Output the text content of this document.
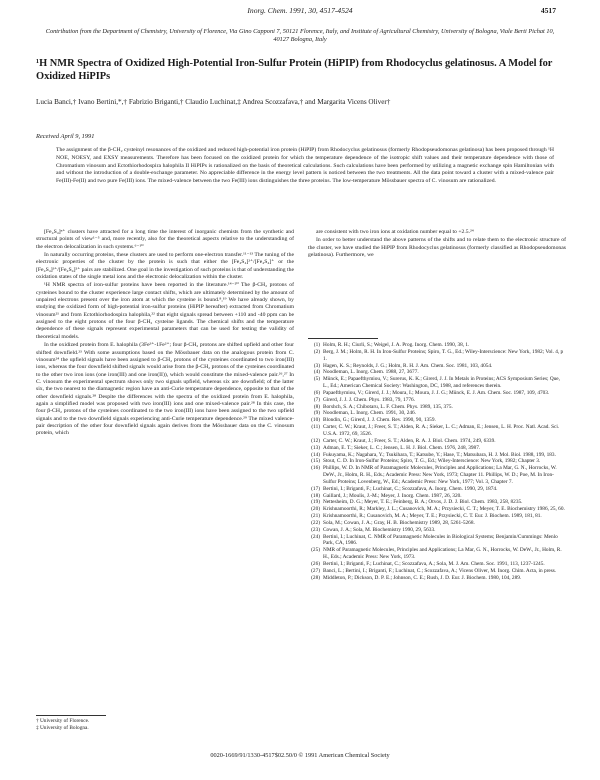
Inorg. Chem. 1991, 30, 4517-4524	4517
Contribution from the Department of Chemistry, University of Florence, Via Gino Capponi 7, 50121 Florence, Italy, and Institute of Agricultural Chemistry, University of Bologna, Viale Berti Pichat 10, 40127 Bologna, Italy
¹H NMR Spectra of Oxidized High-Potential Iron-Sulfur Protein (HiPIP) from Rhodocyclus gelatinosus. A Model for Oxidized HiPIPs
Lucia Banci,† Ivano Bertini,*,† Fabrizio Briganti,† Claudio Luchinat,‡ Andrea Scozzafava,† and Margarita Vicens Oliver†
Received April 9, 1991
The assignment of the β-CH₂ cysteinyl resonances of the oxidized and reduced high-potential iron protein (HiPIP) from Rhodocyclus gelatinosus (formerly Rhodopseudomonas gelatinosa) has been proposed through ¹H NOE, NOESY, and EXSY measurements. Therefore has been focused on the oxidized protein for which the temperature dependence of the isotropic shift values and their temperature dependence with those of Chromatium vinosum and Ectothiorhodospira halophila II HiPIPs is rationalized on the basis of theoretical calculations. Such calculations have been performed by utilizing a magnetic exchange spin Hamiltonian with and without the introduction of a double-exchange parameter. No appreciable difference in the energy level pattern is noticed between the two treatments. All the data point toward a cluster with a mixed-valence pair Fe(III)-Fe(II) and two pure Fe(III) ions. The mixed-valence between the two Fe(III) ions distinguishes the three proteins. The low-temperature Mössbauer spectra of C. vinosum are rationalized.

[Fe₄S₄]ⁿ⁺ clusters have attracted for a long time the interest of inorganic chemists from the synthetic and structural points of view¹⁻⁵ and, more recently, also for the theoretical aspects relative to the understanding of the electron delocalization in such systems.⁶⁻¹⁰

In naturally occurring proteins, these clusters are used to perform one-electron transfer.¹¹⁻¹³ The tuning of the electronic properties of the cluster by the protein is such that either the [Fe₄S₄]²⁺/[Fe₄S₄]⁺ or the [Fe₄S₄]³⁺/[Fe₄S₄]²⁺ pairs are stabilized. One goal in the investigation of such proteins is that of understanding the oxidation states of the single metal ions and the electronic delocalization within the cluster.

¹H NMR spectra of iron-sulfur proteins have been reported in the literature.¹⁴⁻²⁰ The β-CH₂ protons of cysteines bound to the cluster experience large contact shifts, which are ultimately determined by the amount of unpaired electrons present over the iron atom at which the cysteine is bound.⁸,¹⁹ We have already shown, by studying the oxidized form of high-potential iron-sulfur proteins (HiPIP hereafter) extracted from Chromatium vinosum²¹ and from Ectothiorhodospira halophila,²² that eight signals spread between +110 and -40 ppm can be assigned to the eight protons of the four β-CH₂ cysteine ligands. The chemical shifts and the temperature dependence of these signals represent experimental parameters that can be used for testing the validity of theoretical models.

In the oxidized protein from E. halophila (3Fe³⁺-1Fe²⁺; four β-CH₂ protons are shifted upfield and other four shifted downfield.²³ With some assumptions based on the Mössbauer data on the analogous protein from C. vinosum²⁴ the upfield signals have been assigned to β-CH₂ protons of the cysteines coordinated to two iron(III) ions, whereas the four downfield shifted signals would arise from the β-CH₂ protons of the cysteines coordinated to the other two iron ions (one iron(III) and one iron(II)), which would constitute the mixed-valence pair.²⁶,²⁷ In C. vinosum the experimental spectrum shows only two signals upfield, whereas six are downfield; of the latter six, the two nearest to the diamagnetic region have an anti-Curie temperature dependence, opposite to that of the other downfield signals.²⁸ Despite the differences with the spectra of the oxidized protein from E. halophila, again a simplified model was proposed with two iron(III) ions and one mixed-valence pair.²⁸ In this case, the four β-CH₂ protons of the cysteines coordinated to the two iron(III) ions have been assigned to the two upfield signals and to the two downfield signals experiencing anti-Curie temperature dependence.²⁹ The mixed valence-pair description of the other four downfield signals again derives from the Mössbauer data on the C. vinosum protein, which

are consistent with two iron ions at oxidation number equal to +2.5.²⁴

In order to better understand the above patterns of the shifts and to relate them to the electronic structure of the cluster, we have studied the HiPIP from Rhodocyclus gelatinosus (formerly classified as Rhodopseudomonas gelatinosa). Furthermore, we

(1) Holm, R. H.; Ciurli, S.; Weigel, J. A. Prog. Inorg. Chem. 1990, 38, 1.
(2) Berg, J. M.; Holm, R. H. In Iron-Sulfur Proteins; Spiro, T. G., Ed.; Wiley-Interscience: New York, 1982; Vol. 4, p 1.
(3) Hagen, K. S.; Reynolds, J. G.; Holm, R. H. J. Am. Chem. Soc. 1981, 103, 4054.
(4) Noodleman, L. Inorg. Chem. 1988, 27, 3677.
(5) Münck, E.; Papaefthymiou, V.; Surerus, K. K.; Girerd, J. J. In Metals in Proteins; ACS Symposium Series; Que, L., Ed.; American Chemical Society: Washington, DC, 1988, and references therein.
(6) Papaefthymiou, V.; Girerd, J. J.; Moura, I.; Moura, J. J. G.; Münck, E. J. Am. Chem. Soc. 1987, 109, 4703.
(7) Girerd, J. J. J. Chem. Phys. 1983, 79, 1776.
(8) Borshch, S. A.; Chibotaru, L. F. Chem. Phys. 1989, 135, 375.
(9) Noodleman, L. Inorg. Chem. 1991, 30, 246.
(10) Blondin, G.; Girerd, J. J. Chem. Rev. 1990, 90, 1359.
(11) Carter, C. W.; Kraut, J.; Freer, S. T.; Alden, R. A.; Sieker, L. C.; Adman, E.; Jensen, L. H. Proc. Natl. Acad. Sci. U.S.A. 1972, 69, 3526.
(12) Carter, C. W.; Kraut, J.; Freer, S. T.; Alden, R. A. J. Biol. Chem. 1974, 249, 6339.
(13) Adman, E. T.; Sieker, L. C.; Jensen, L. H. J. Biol. Chem. 1976, 248, 3987.
(14) Fukuyama, K.; Nagahara, Y.; Tsukihara, T.; Katsube, Y.; Hase, T.; Matsubara, H. J. Mol. Biol. 1988, 199, 183.
(15) Stout, C. D. In Iron-Sulfur Proteins; Spiro, T. G., Ed.; Wiley-Interscience: New York, 1982; Chapter 3.
(16) Phillips, W. D. In NMR of Paramagnetic Molecules, Principles and Applications; La Mar, G. N., Horrocks, W. DeW., Jr., Holm, R. H., Eds.; Academic Press: New York, 1973; Chapter 11. Phillips, W. D.; Poe, M. In Iron-Sulfur Proteins; Lovenberg, W., Ed.; Academic Press: New York, 1977; Vol. 3, Chapter 7.
(17) Bertini, I.; Briganti, F.; Luchinat, C.; Scozzafava, A. Inorg. Chem. 1990, 29, 1874.
(18) Gaillard, J.; Moulis, J.-M.; Meyer, J. Inorg. Chem. 1987, 26, 320.
(19) Nettesheim, D. G.; Meyer, T. E.; Feinberg, B. A.; Otvos, J. D. J. Biol. Chem. 1983, 258, 8235.
(20) Krishnamoorthi, R.; Markley, J. L.; Cusanovich, M. A.; Przysiecki, C. T.; Meyer, T. E. Biochemistry 1986, 25, 60.
(21) Krishnamoorthi, R.; Cusanovich, M. A.; Meyer, T. E.; Przysiecki, C. T. Eur. J. Biochem. 1989, 181, 81.
(22) Sola, M.; Cowan, J. A.; Gray, H. B. Biochemistry 1989, 28, 5261-5268.
(23) Cowan, J. A.; Sola, M. Biochemistry 1990, 29, 5633.
(24) Bertini, I.; Luchinat, C. NMR of Paramagnetic Molecules in Biological Systems; Benjamin/Cummings: Menlo Park, CA, 1986.
(25) NMR of Paramagnetic Molecules, Principles and Applications; La Mar, G. N., Horrocks, W. DeW., Jr., Holm, R. H., Eds.; Academic Press: New York, 1973.
(26) Bertini, I.; Briganti, F.; Luchinat, C.; Scozzafava, A.; Sola, M. J. Am. Chem. Soc. 1991, 113, 1237-1245.
(27) Banci, L.; Bertini, I.; Briganti, F.; Luchinat, C.; Scozzafava, A.; Vicens Oliver, M. Inorg. Chim. Acta, in press.
(28) Middleton, P.; Dickson, D. P. E.; Johnson, C. E.; Rush, J. D. Eur. J. Biochem. 1980, 104, 289.
† University of Florence.
‡ University of Bologna.
0020-1669/91/1330-4517$02.50/0 © 1991 American Chemical Society
